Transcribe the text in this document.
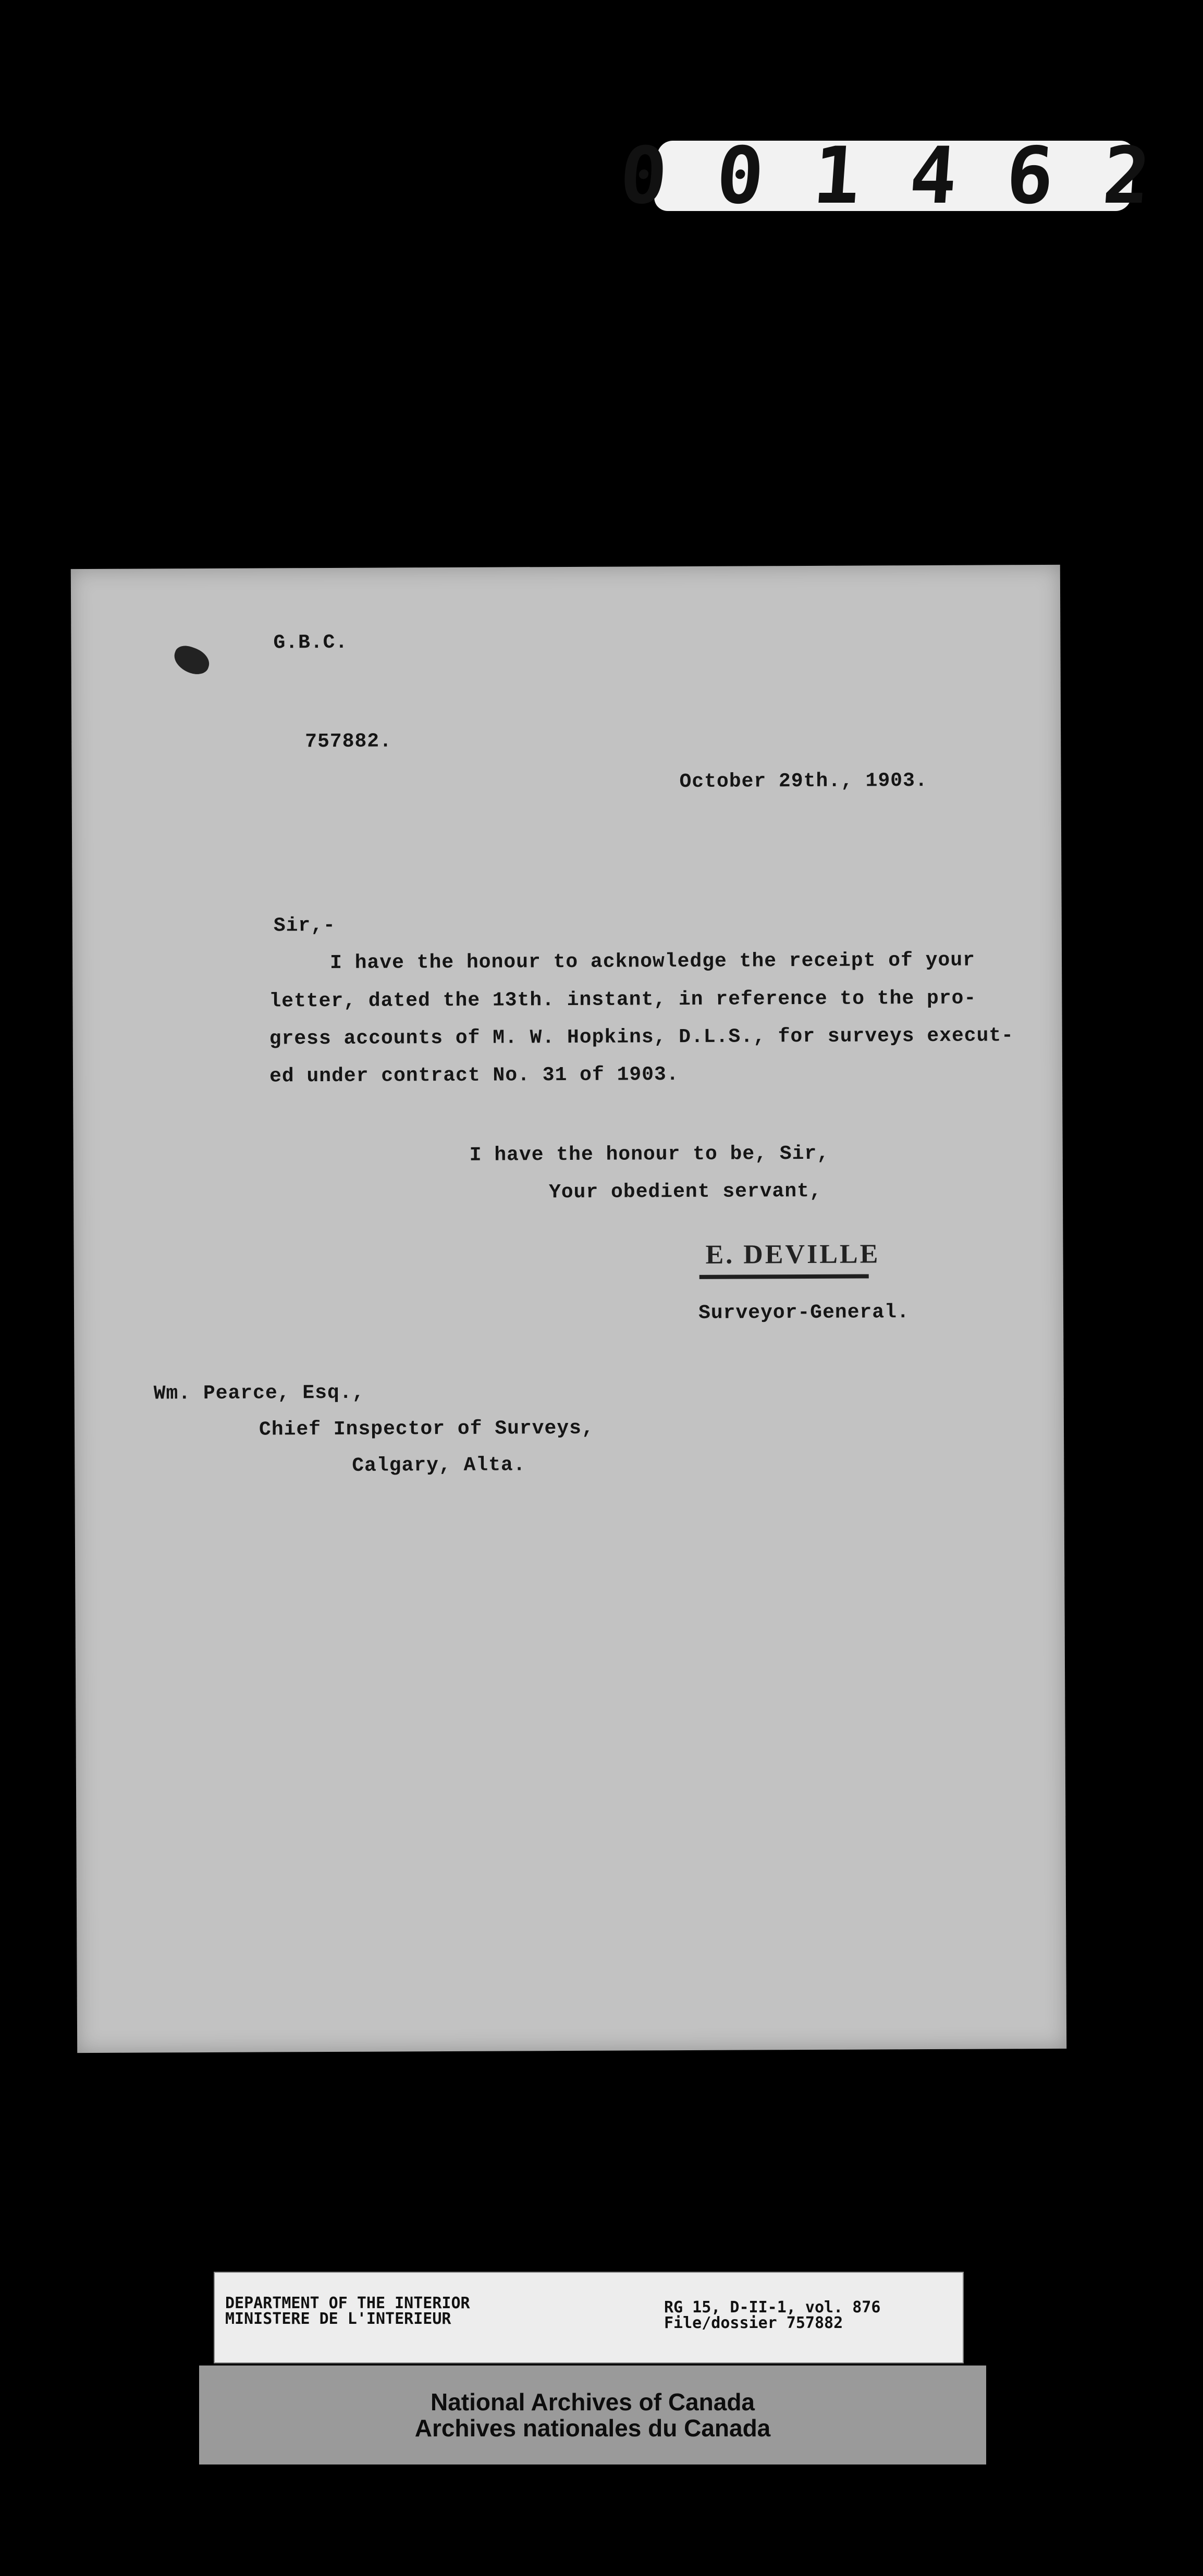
001462
G.B.C.
757882.
October 29th., 1903.
Sir,-
I have the honour to acknowledge the receipt of your
letter, dated the 13th. instant, in reference to the pro-
gress accounts of M. W. Hopkins, D.L.S., for surveys execut-
ed under contract No. 31 of 1903.
I have the honour to be, Sir,
Your obedient servant,
E. DEVILLE
Surveyor-General.
Wm. Pearce, Esq.,
Chief Inspector of Surveys,
Calgary, Alta.
DEPARTMENT OF THE INTERIOR
MINISTERE DE L'INTERIEUR
RG 15, D-II-1, vol. 876
File/dossier 757882
National Archives of Canada
Archives nationales du Canada
